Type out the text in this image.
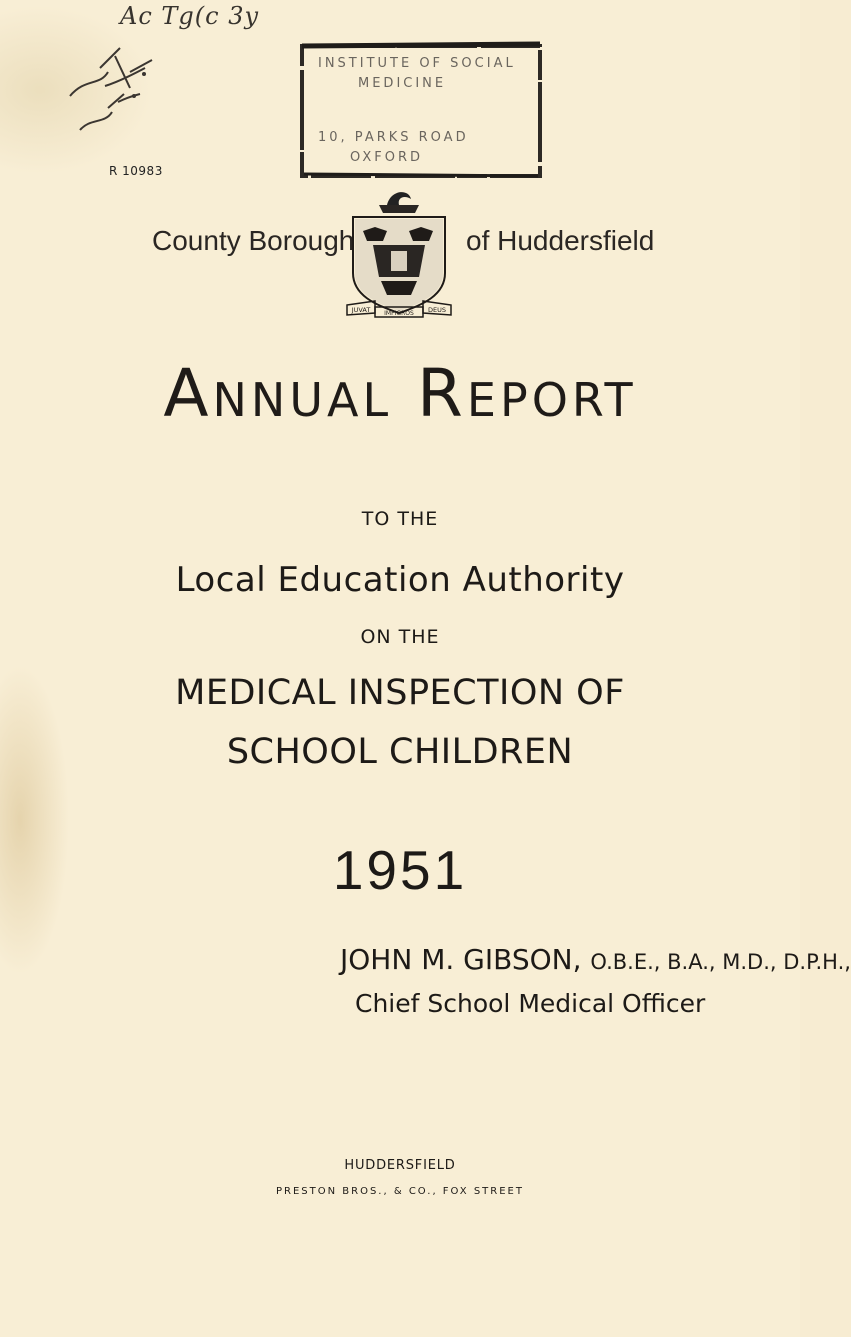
Ac Tg(c 3y
R 10983
INSTITUTE OF SOCIAL
MEDICINE
10, PARKS ROAD
OXFORD
County Borough
JUVAT	DEUS
IMPIGROS
of Huddersfield
Annual Report
TO THE
Local Education Authority
ON THE
MEDICAL INSPECTION OF
SCHOOL CHILDREN
1951
JOHN M. GIBSON, O.B.E., B.A., M.D., D.P.H.,
Chief School Medical Officer
HUDDERSFIELD
PRESTON BROS., & CO., FOX STREET
